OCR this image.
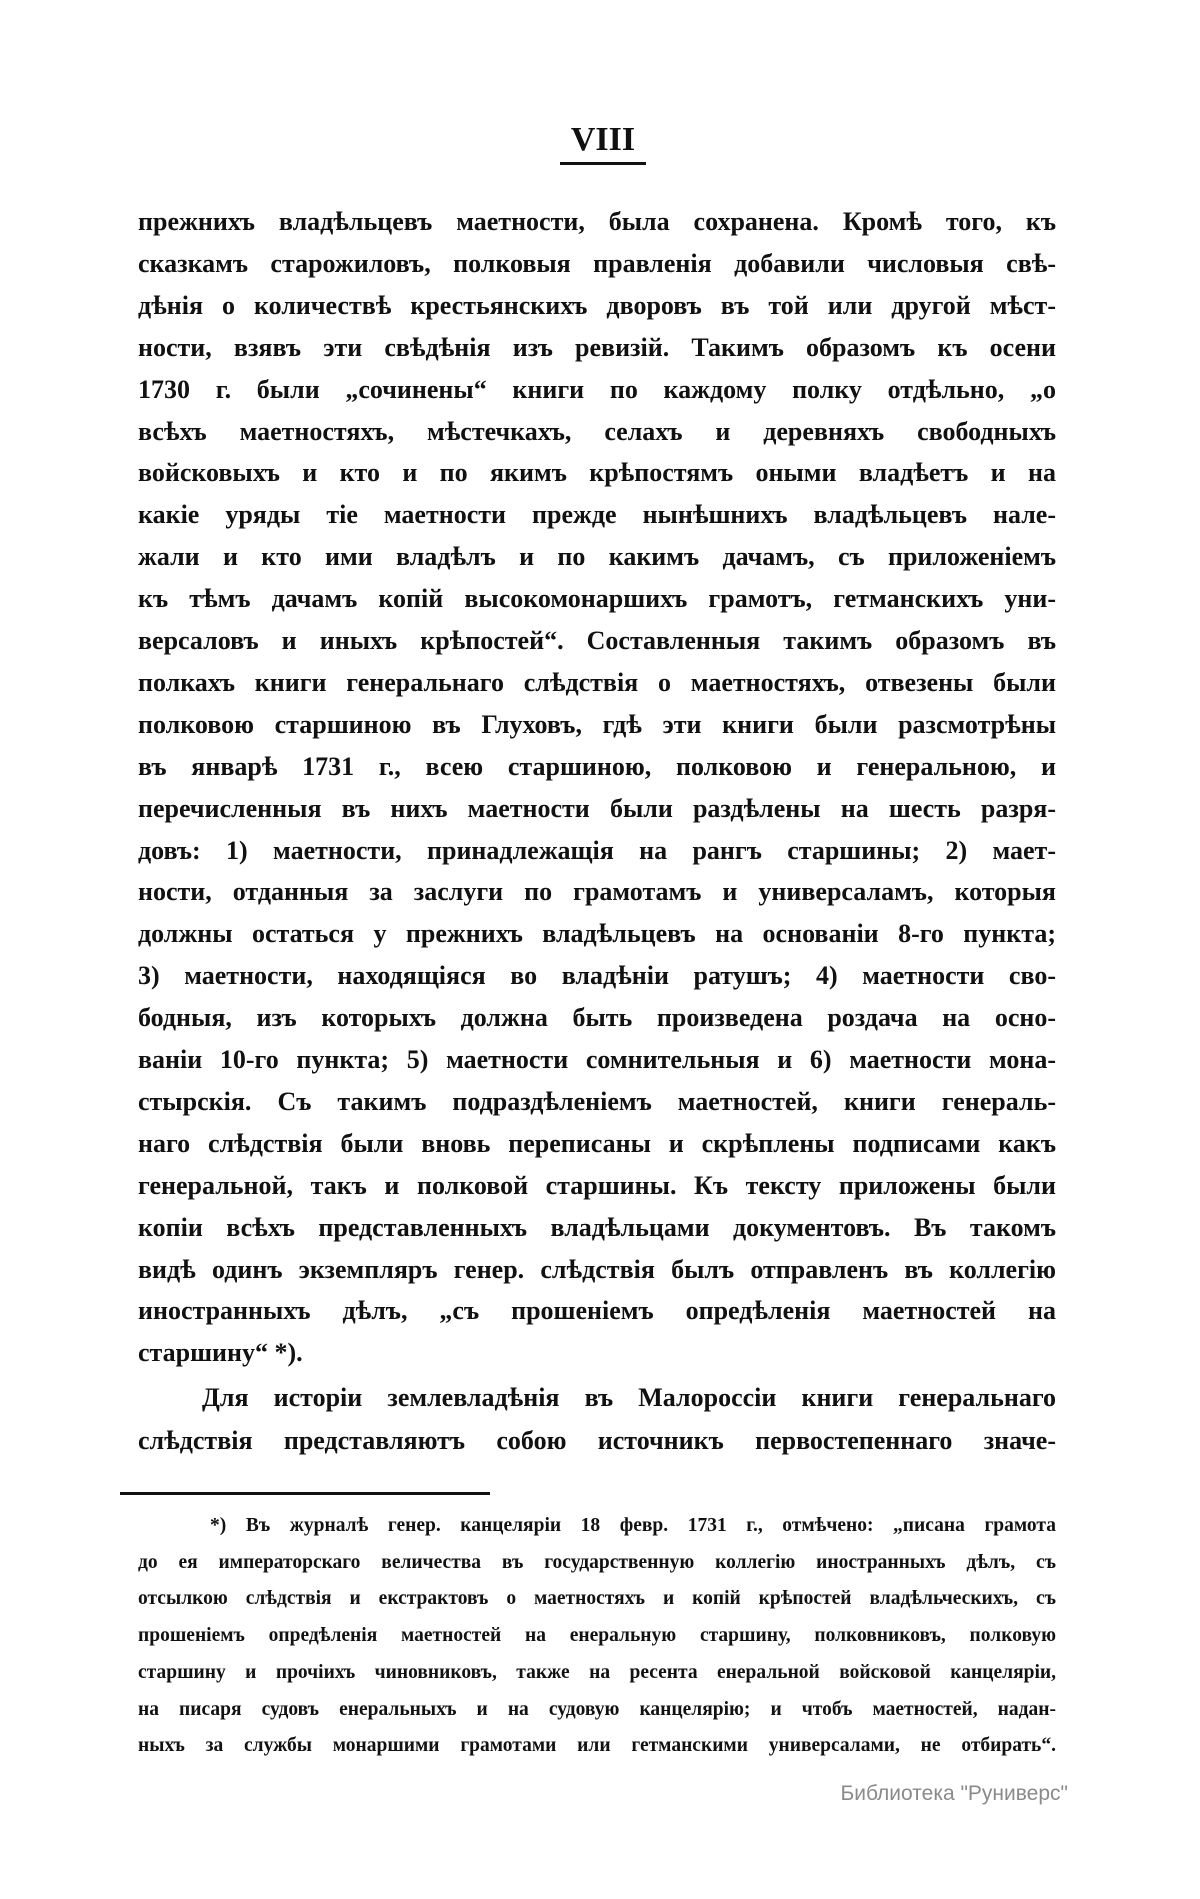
VIII
прежнихъ владѣльцевъ маетности, была сохранена. Кромѣ того, къ
сказкамъ старожиловъ, полковыя правленія добавили числовыя свѣ-
дѣнія о количествѣ крестьянскихъ дворовъ въ той или другой мѣст-
ности, взявъ эти свѣдѣнія изъ ревизій. Такимъ образомъ къ осени
1730 г. были „сочинены“ книги по каждому полку отдѣльно, „о
всѣхъ маетностяхъ, мѣстечкахъ, селахъ и деревняхъ свободныхъ
войсковыхъ и кто и по якимъ крѣпостямъ оными владѣетъ и на
какіе уряды тіе маетности прежде нынѣшнихъ владѣльцевъ нале-
жали и кто ими владѣлъ и по какимъ дачамъ, съ приложеніемъ
къ тѣмъ дачамъ копій высокомонаршихъ грамотъ, гетманскихъ уни-
версаловъ и иныхъ крѣпостей“. Составленныя такимъ образомъ въ
полкахъ книги генеральнаго слѣдствія о маетностяхъ, отвезены были
полковою старшиною въ Глуховъ, гдѣ эти книги были разсмотрѣны
въ январѣ 1731 г., всею старшиною, полковою и генеральною, и
перечисленныя въ нихъ маетности были раздѣлены на шесть разря-
довъ: 1) маетности, принадлежащія на рангъ старшины; 2) мает-
ности, отданныя за заслуги по грамотамъ и универсаламъ, которыя
должны остаться у прежнихъ владѣльцевъ на основаніи 8-го пункта;
3) маетности, находящіяся во владѣніи ратушъ; 4) маетности сво-
бодныя, изъ которыхъ должна быть произведена роздача на осно-
ваніи 10-го пункта; 5) маетности сомнительныя и 6) маетности мона-
стырскія. Съ такимъ подраздѣленіемъ маетностей, книги генераль-
наго слѣдствія были вновь переписаны и скрѣплены подписами какъ
генеральной, такъ и полковой старшины. Къ тексту приложены были
копіи всѣхъ представленныхъ владѣльцами документовъ. Въ такомъ
видѣ одинъ экземпляръ генер. слѣдствія былъ отправленъ въ коллегію
иностранныхъ дѣлъ, „съ прошеніемъ опредѣленія маетностей на
старшину“ *).
Для исторіи землевладѣнія въ Малороссіи книги генеральнаго
слѣдствія представляютъ собою источникъ первостепеннаго значе-
*) Въ журналѣ генер. канцеляріи 18 февр. 1731 г., отмѣчено: „писана грамота
до ея императорскаго величества въ государственную коллегію иностранныхъ дѣлъ, съ
отсылкою слѣдствія и екстрактовъ о маетностяхъ и копій крѣпостей владѣльческихъ, съ
прошеніемъ опредѣленія маетностей на енеральную старшину, полковниковъ, полковую
старшину и прочіихъ чиновниковъ, также на ресента енеральной войсковой канцеляріи,
на писаря судовъ енеральныхъ и на судовую канцелярію; и чтобъ маетностей, надан-
ныхъ за службы монаршими грамотами или гетманскими универсалами, не отбирать“.
Библиотека "Руниверс"
